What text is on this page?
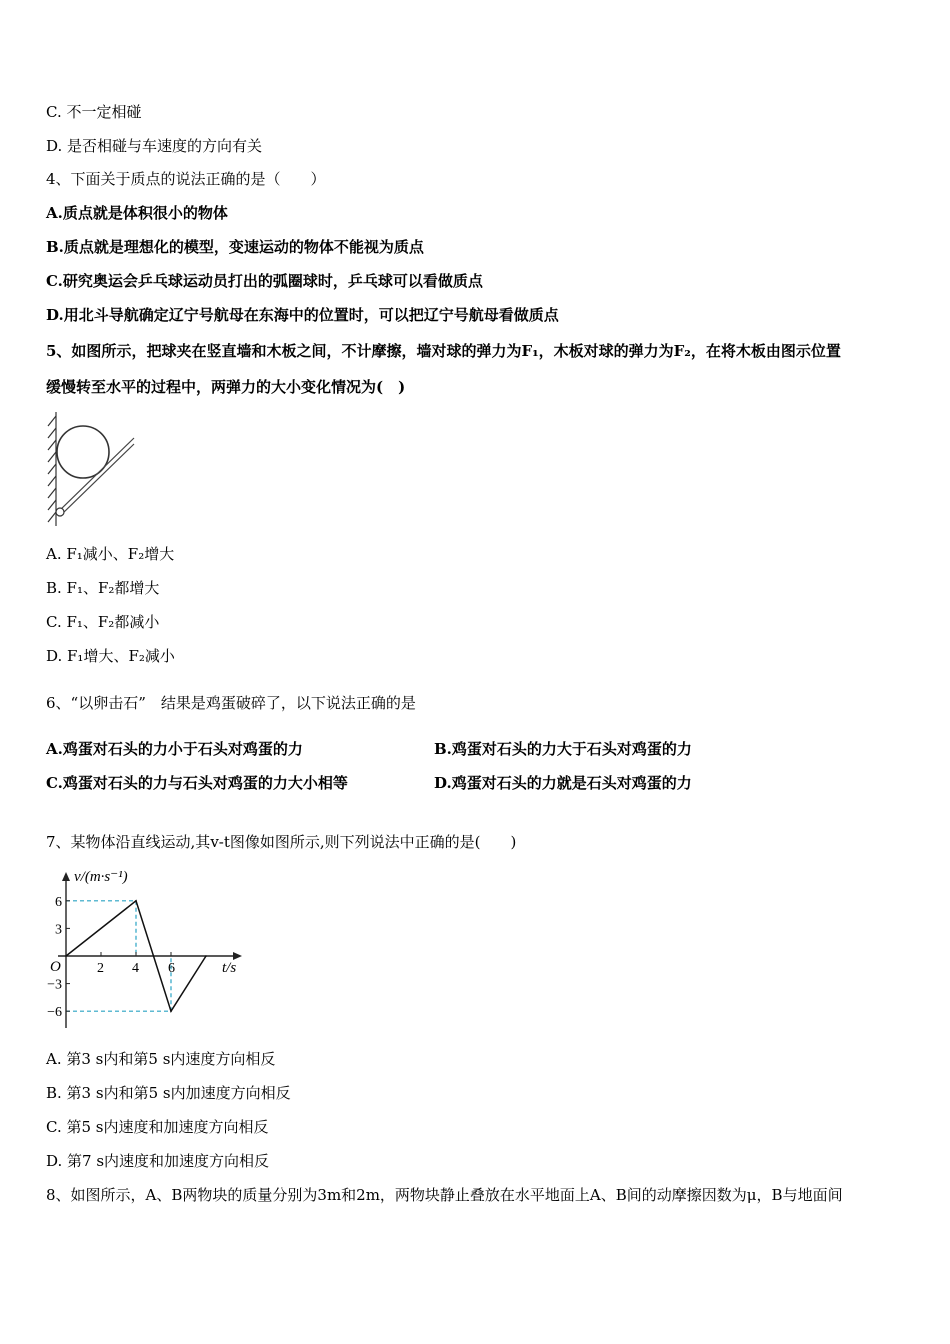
C. 不一定相碰
D. 是否相碰与车速度的方向有关
4、下面关于质点的说法正确的是（　　）
A.质点就是体积很小的物体
B.质点就是理想化的模型，变速运动的物体不能视为质点
C.研究奥运会乒乓球运动员打出的弧圈球时，乒乓球可以看做质点
D.用北斗导航确定辽宁号航母在东海中的位置时，可以把辽宁号航母看做质点
5、如图所示，把球夹在竖直墙和木板之间，不计摩擦，墙对球的弹力为F₁，木板对球的弹力为F₂，在将木板由图示位置
缓慢转至水平的过程中，两弹力的大小变化情况为(　)
A. F₁减小、F₂增大
B. F₁、F₂都增大
C. F₁、F₂都减小
D. F₁增大、F₂减小
6、“以卵击石”　结果是鸡蛋破碎了，以下说法正确的是
A.鸡蛋对石头的力小于石头对鸡蛋的力	B.鸡蛋对石头的力大于石头对鸡蛋的力
C.鸡蛋对石头的力与石头对鸡蛋的力大小相等	D.鸡蛋对石头的力就是石头对鸡蛋的力
7、某物体沿直线运动,其v-t图像如图所示,则下列说法中正确的是(　　)
v/(m·s⁻¹)
t/s
O	2 4 6
6
3
−3
−6
A. 第3 s内和第5 s内速度方向相反
B. 第3 s内和第5 s内加速度方向相反
C. 第5 s内速度和加速度方向相反
D. 第7 s内速度和加速度方向相反
8、如图所示，A、B两物块的质量分别为3m和2m，两物块静止叠放在水平地面上A、B间的动摩擦因数为μ，B与地面间
